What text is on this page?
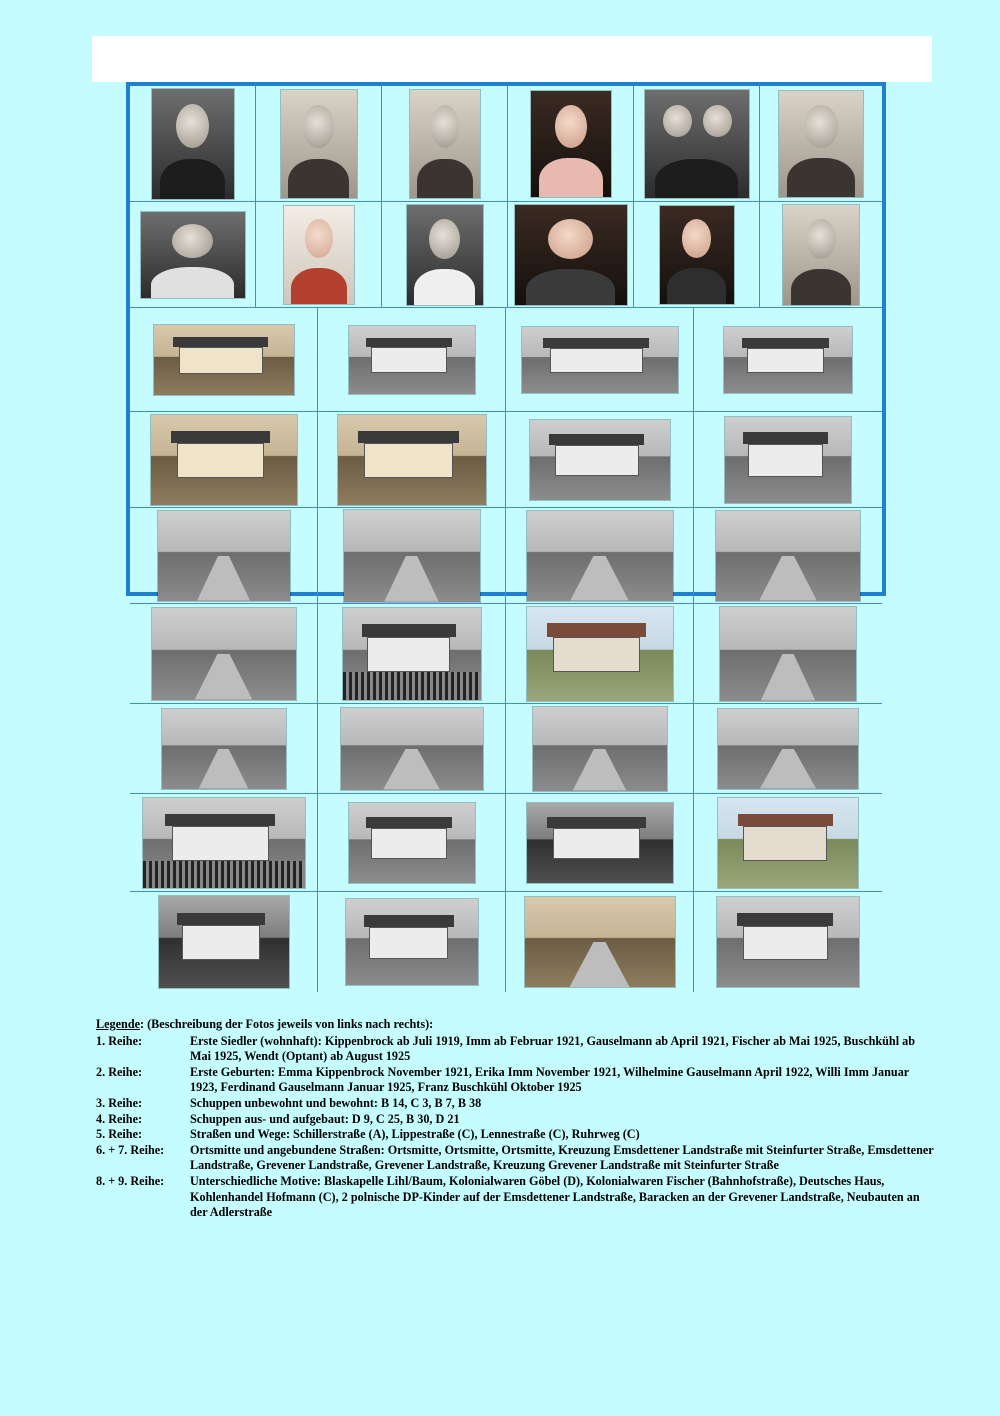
Legende: (Beschreibung der Fotos jeweils von links nach rechts):
1. Reihe:	Erste Siedler (wohnhaft): Kippenbrock ab Juli 1919, Imm ab Februar 1921, Gauselmann ab April 1921, Fischer ab Mai 1925, Buschkühl ab Mai 1925, Wendt (Optant) ab August 1925
2. Reihe:	Erste Geburten: Emma Kippenbrock November 1921, Erika Imm November 1921, Wilhelmine Gauselmann April 1922, Willi Imm Januar 1923, Ferdinand Gauselmann Januar 1925, Franz Buschkühl Oktober 1925
3. Reihe:	Schuppen unbewohnt und bewohnt: B 14, C 3, B 7, B 38
4. Reihe:	Schuppen aus- und aufgebaut: D 9, C 25, B 30, D 21
5. Reihe:	Straßen und Wege: Schillerstraße (A), Lippestraße (C), Lennestraße (C), Ruhrweg (C)
6. + 7. Reihe:	Ortsmitte und angebundene Straßen: Ortsmitte, Ortsmitte, Ortsmitte, Kreuzung Emsdettener Landstraße mit Steinfurter Straße, Emsdettener Landstraße, Grevener Landstraße, Grevener Landstraße, Kreuzung Grevener Landstraße mit Steinfurter Straße
8. + 9. Reihe:	Unterschiedliche Motive: Blaskapelle Lihl/Baum, Kolonialwaren Göbel (D), Kolonialwaren Fischer (Bahnhofstraße), Deutsches Haus, Kohlenhandel Hofmann (C), 2 polnische DP-Kinder auf der Emsdettener Landstraße, Baracken an der Grevener Landstraße, Neubauten an der Adlerstraße
